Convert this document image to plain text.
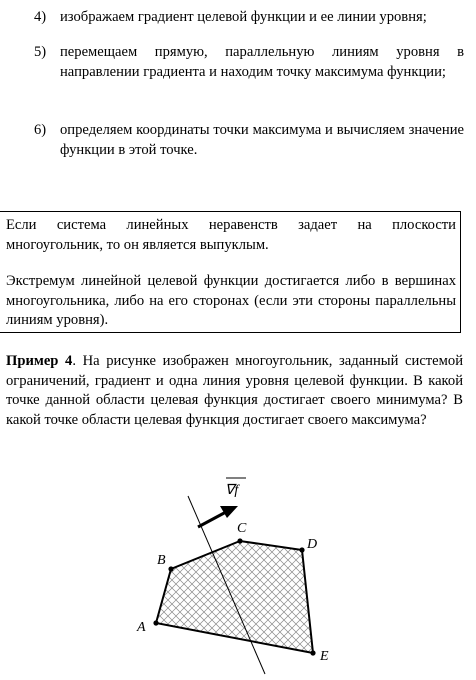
4) изображаем градиент целевой функции и ее линии уровня;
5) перемещаем прямую, параллельную линиям уровня в направлении градиента и находим точку максимума функции;
6) определяем координаты точки максимума и вычисляем значение функции в этой точке.

Если система линейных неравенств задает на плоскости многоугольник, то он является выпуклым.

Экстремум линейной целевой функции достигается либо в вершинах многоугольника, либо на его сторонах (если эти стороны параллельны линиям уровня).

Пример 4. На рисунке изображен многоугольник, заданный системой ограничений, градиент и одна линия уровня целевой функции. В какой точке данной области целевая функция достигает своего минимума? В какой точке области целевая функция достигает своего максимума?

∇f
A
B
C
D
E
